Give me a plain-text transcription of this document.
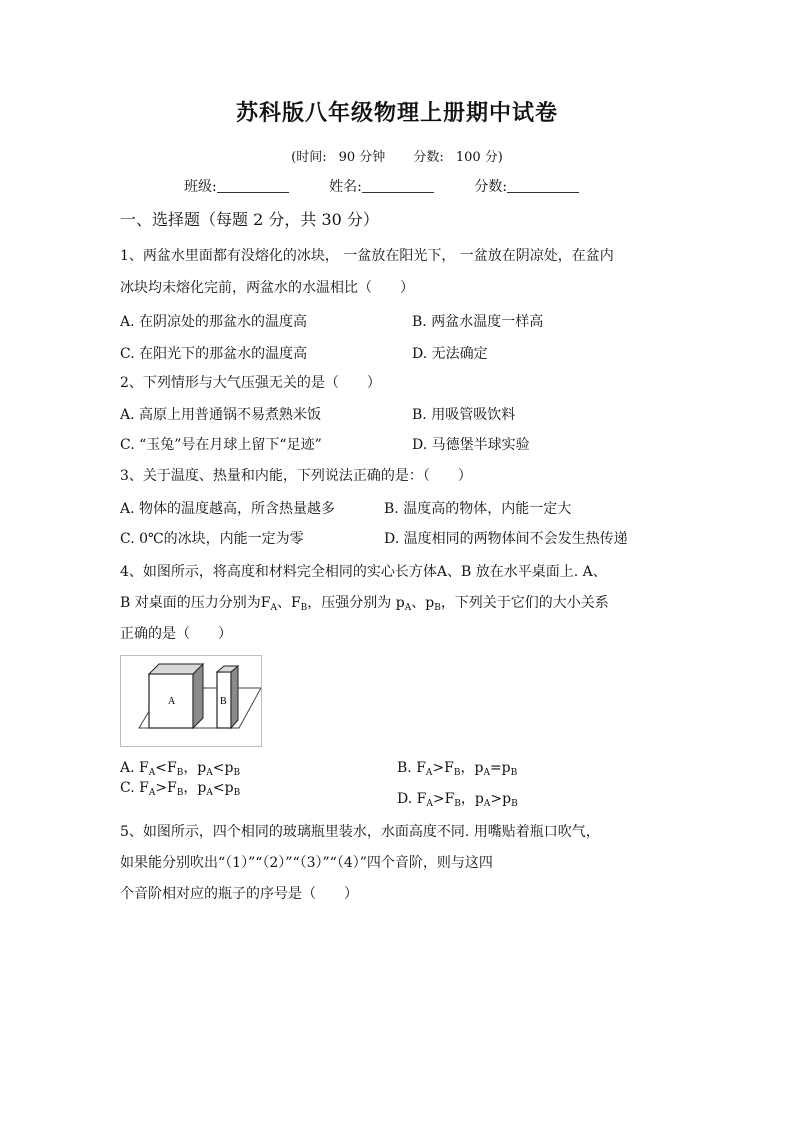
苏科版八年级物理上册期中试卷
(时间: 90 分钟 分数: 100 分)
班级:	姓名:	分数:
一、选择题（每题 2 分，共 30 分）
1、两盆水里面都有没熔化的冰块， 一盆放在阳光下， 一盆放在阴凉处，在盆内
冰块均未熔化完前，两盆水的水温相比（　　）
A. 在阴凉处的那盆水的温度高	B. 两盆水温度一样高
C. 在阳光下的那盆水的温度高	D. 无法确定
2、下列情形与大气压强无关的是（　　）
A. 高原上用普通锅不易煮熟米饭	B. 用吸管吸饮料
C. “玉兔”号在月球上留下“足迹”	D. 马德堡半球实验
3、关于温度、热量和内能，下列说法正确的是：（　　）
A. 物体的温度越高，所含热量越多	B. 温度高的物体，内能一定大
C. 0℃的冰块，内能一定为零	D. 温度相同的两物体间不会发生热传递
4、如图所示，将高度和材料完全相同的实心长方体A、B 放在水平桌面上. A、
B 对桌面的压力分别为$F_A$、$F_B$，压强分别为 $p_A$、$p_B$，下列关于它们的大小关系
正确的是（　　）
A	B
A. $F_A<F_B$，$p_A<p_B$	B. $F_A>F_B$，$p_A=p_B$
C. $F_A>F_B$，$p_A<p_B$	D. $F_A>F_B$，$p_A>p_B$
5、如图所示，四个相同的玻璃瓶里装水，水面高度不同. 用嘴贴着瓶口吹气，
如果能分别吹出“（1）”“（2）”“（3）”“（4）”四个音阶，则与这四
个音阶相对应的瓶子的序号是（　　）
